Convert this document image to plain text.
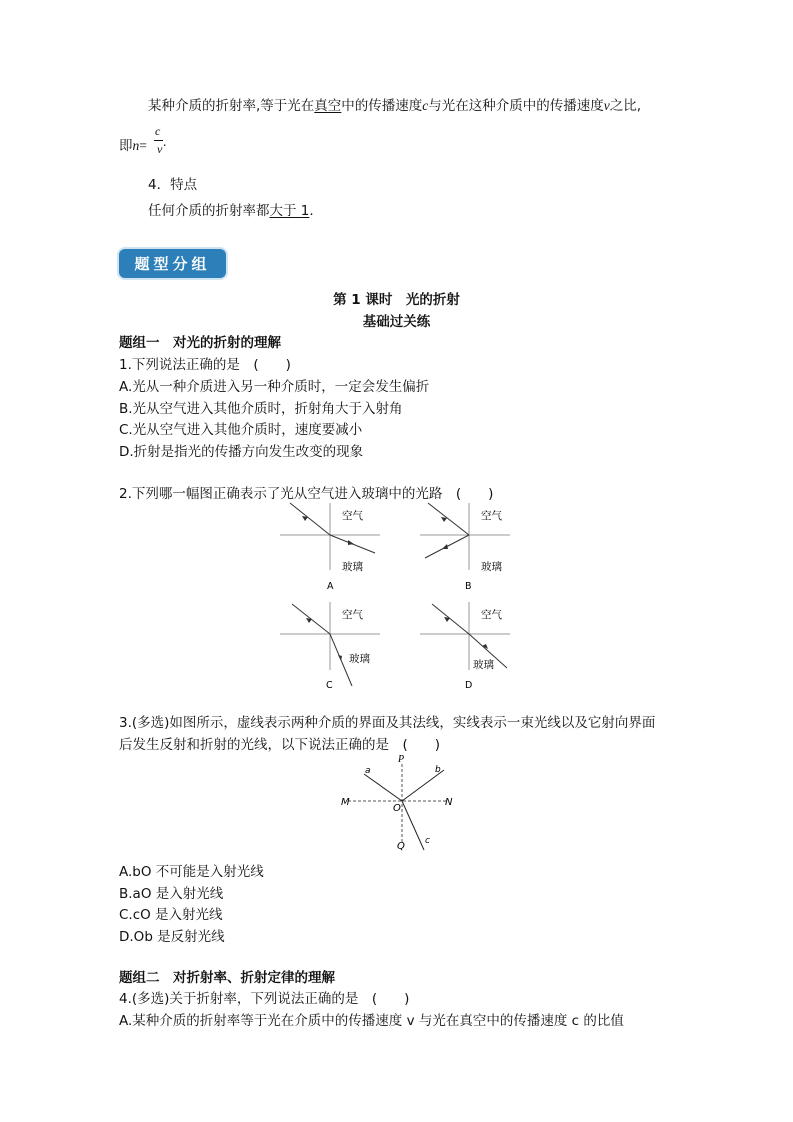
某种介质的折射率,等于光在真空中的传播速度c与光在这种介质中的传播速度v之比,
即n=
c
v .
4．特点
任何介质的折射率都大于 1.
题型分组
第 1 课时　光的折射
基础过关练
题组一　对光的折射的理解
1.下列说法正确的是　(　　)
A.光从一种介质进入另一种介质时，一定会发生偏折
B.光从空气进入其他介质时，折射角大于入射角
C.光从空气进入其他介质时，速度要减小
D.折射是指光的传播方向发生改变的现象
2.下列哪一幅图正确表示了光从空气进入玻璃中的光路　(　　)
空气
玻璃
A
空气
玻璃
B
空气
玻璃
C
空气
玻璃
D
3.(多选)如图所示，虚线表示两种介质的界面及其法线，实线表示一束光线以及它射向界面
后发生反射和折射的光线，以下说法正确的是　(　　)
P
Q
M	N
O
a	b
c
A.bO 不可能是入射光线
B.aO 是入射光线
C.cO 是入射光线
D.Ob 是反射光线
题组二　对折射率、折射定律的理解
4.(多选)关于折射率，下列说法正确的是　(　　)
A.某种介质的折射率等于光在介质中的传播速度 v 与光在真空中的传播速度 c 的比值
